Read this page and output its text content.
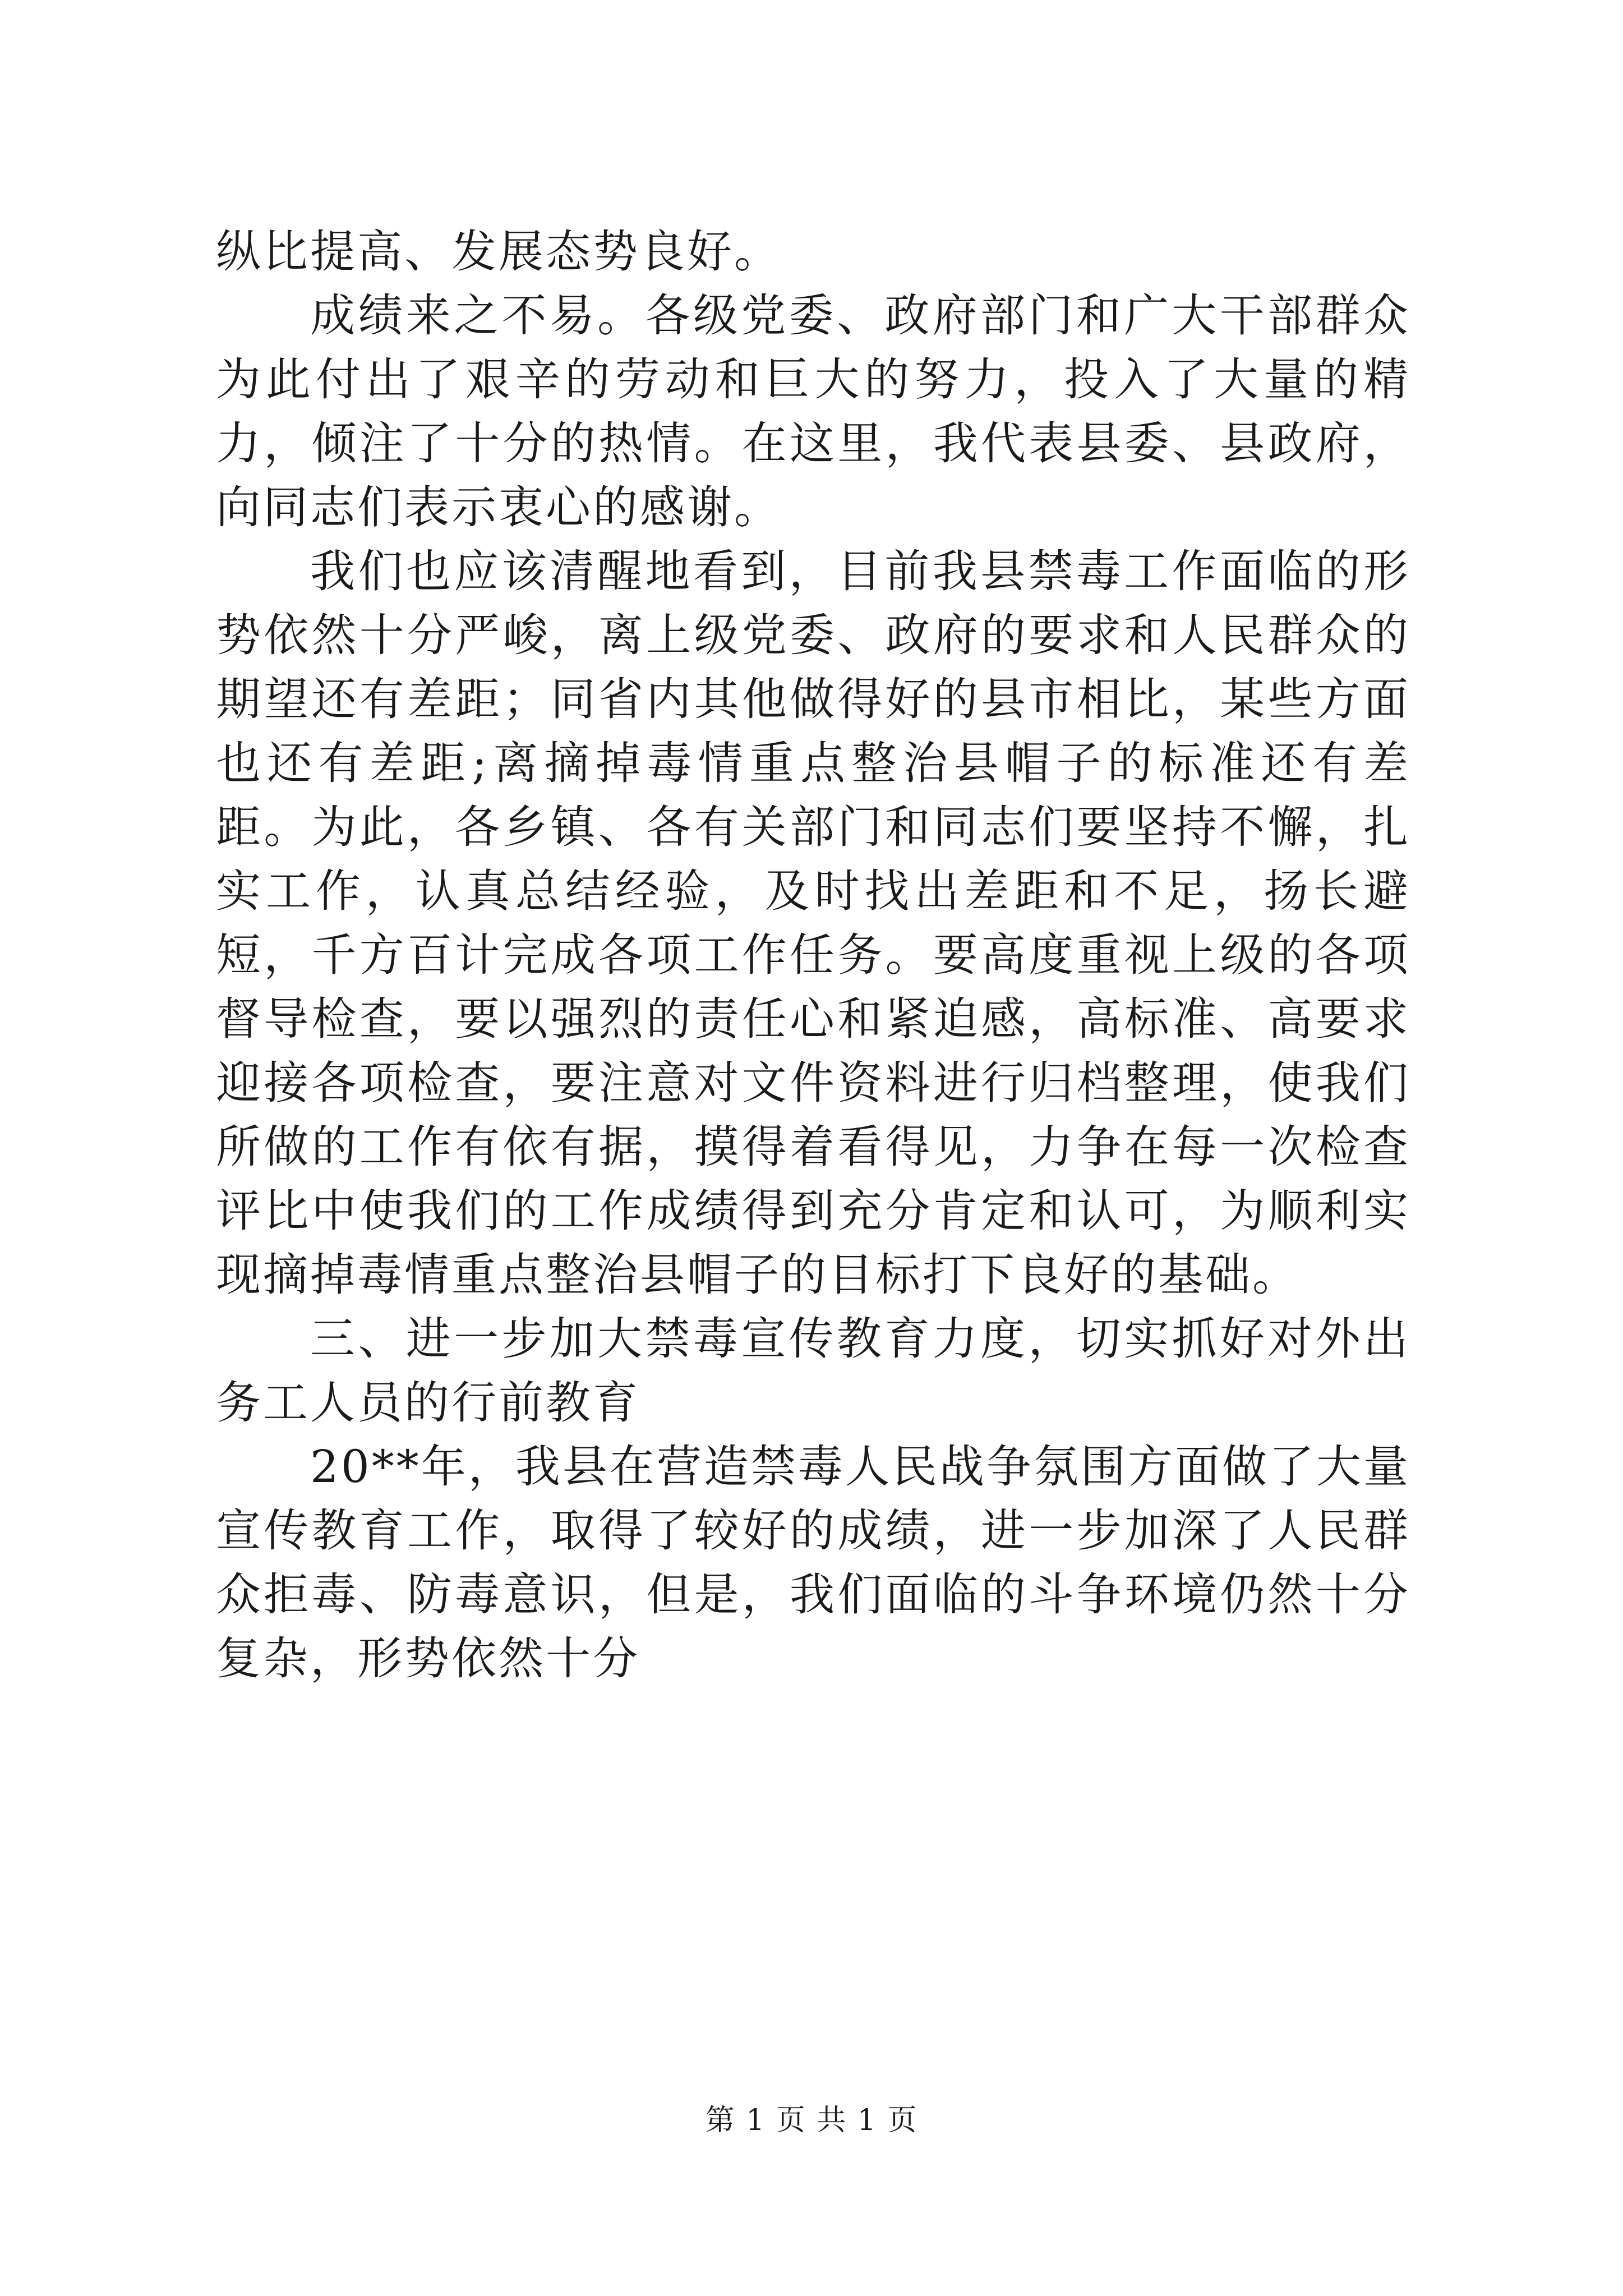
纵比提高、发展态势良好。

成绩来之不易。各级党委、政府部门和广大干部群众为此付出了艰辛的劳动和巨大的努力，投入了大量的精力，倾注了十分的热情。在这里，我代表县委、县政府，向同志们表示衷心的感谢。

我们也应该清醒地看到，目前我县禁毒工作面临的形势依然十分严峻，离上级党委、政府的要求和人民群众的期望还有差距；同省内其他做得好的县市相比，某些方面也还有差距;离摘掉毒情重点整治县帽子的标准还有差距。为此，各乡镇、各有关部门和同志们要坚持不懈，扎实工作，认真总结经验，及时找出差距和不足，扬长避短，千方百计完成各项工作任务。要高度重视上级的各项督导检查，要以强烈的责任心和紧迫感，高标准、高要求迎接各项检查，要注意对文件资料进行归档整理，使我们所做的工作有依有据，摸得着看得见，力争在每一次检查评比中使我们的工作成绩得到充分肯定和认可，为顺利实现摘掉毒情重点整治县帽子的目标打下良好的基础。

三、进一步加大禁毒宣传教育力度，切实抓好对外出务工人员的行前教育

20**年，我县在营造禁毒人民战争氛围方面做了大量宣传教育工作，取得了较好的成绩，进一步加深了人民群众拒毒、防毒意识，但是，我们面临的斗争环境仍然十分复杂，形势依然十分

第 1 页 共 1 页
